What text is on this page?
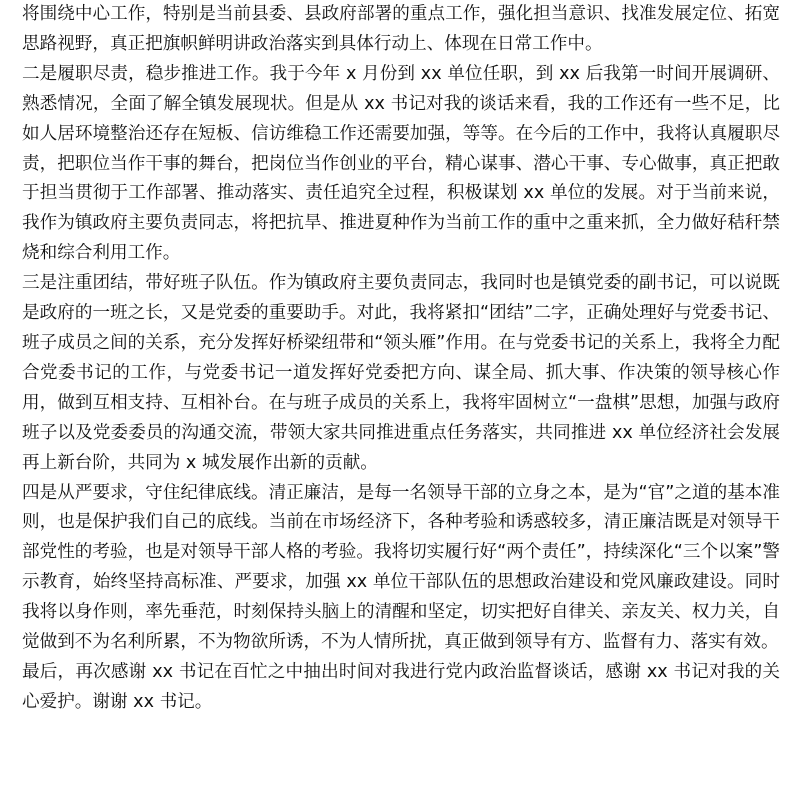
将围绕中心工作，特别是当前县委、县政府部署的重点工作，强化担当意识、找准发展定位、拓宽思路视野，真正把旗帜鲜明讲政治落实到具体行动上、体现在日常工作中。

二是履职尽责，稳步推进工作。我于今年 x 月份到 xx 单位任职，到 xx 后我第一时间开展调研、熟悉情况，全面了解全镇发展现状。但是从 xx 书记对我的谈话来看，我的工作还有一些不足，比如人居环境整治还存在短板、信访维稳工作还需要加强，等等。在今后的工作中，我将认真履职尽责，把职位当作干事的舞台，把岗位当作创业的平台，精心谋事、潜心干事、专心做事，真正把敢于担当贯彻于工作部署、推动落实、责任追究全过程，积极谋划 xx 单位的发展。对于当前来说，我作为镇政府主要负责同志，将把抗旱、推进夏种作为当前工作的重中之重来抓，全力做好秸秆禁烧和综合利用工作。

三是注重团结，带好班子队伍。作为镇政府主要负责同志，我同时也是镇党委的副书记，可以说既是政府的一班之长，又是党委的重要助手。对此，我将紧扣“团结”二字，正确处理好与党委书记、班子成员之间的关系，充分发挥好桥梁纽带和“领头雁”作用。在与党委书记的关系上，我将全力配合党委书记的工作，与党委书记一道发挥好党委把方向、谋全局、抓大事、作决策的领导核心作用，做到互相支持、互相补台。在与班子成员的关系上，我将牢固树立“一盘棋”思想，加强与政府班子以及党委委员的沟通交流，带领大家共同推进重点任务落实，共同推进 xx 单位经济社会发展再上新台阶，共同为 x 城发展作出新的贡献。

四是从严要求，守住纪律底线。清正廉洁，是每一名领导干部的立身之本，是为“官”之道的基本准则，也是保护我们自己的底线。当前在市场经济下，各种考验和诱惑较多，清正廉洁既是对领导干部党性的考验，也是对领导干部人格的考验。我将切实履行好“两个责任”，持续深化“三个以案”警示教育，始终坚持高标准、严要求，加强 xx 单位干部队伍的思想政治建设和党风廉政建设。同时我将以身作则，率先垂范，时刻保持头脑上的清醒和坚定，切实把好自律关、亲友关、权力关，自觉做到不为名利所累，不为物欲所诱，不为人情所扰，真正做到领导有方、监督有力、落实有效。

最后，再次感谢 xx 书记在百忙之中抽出时间对我进行党内政治监督谈话，感谢 xx 书记对我的关心爱护。谢谢 xx 书记。
